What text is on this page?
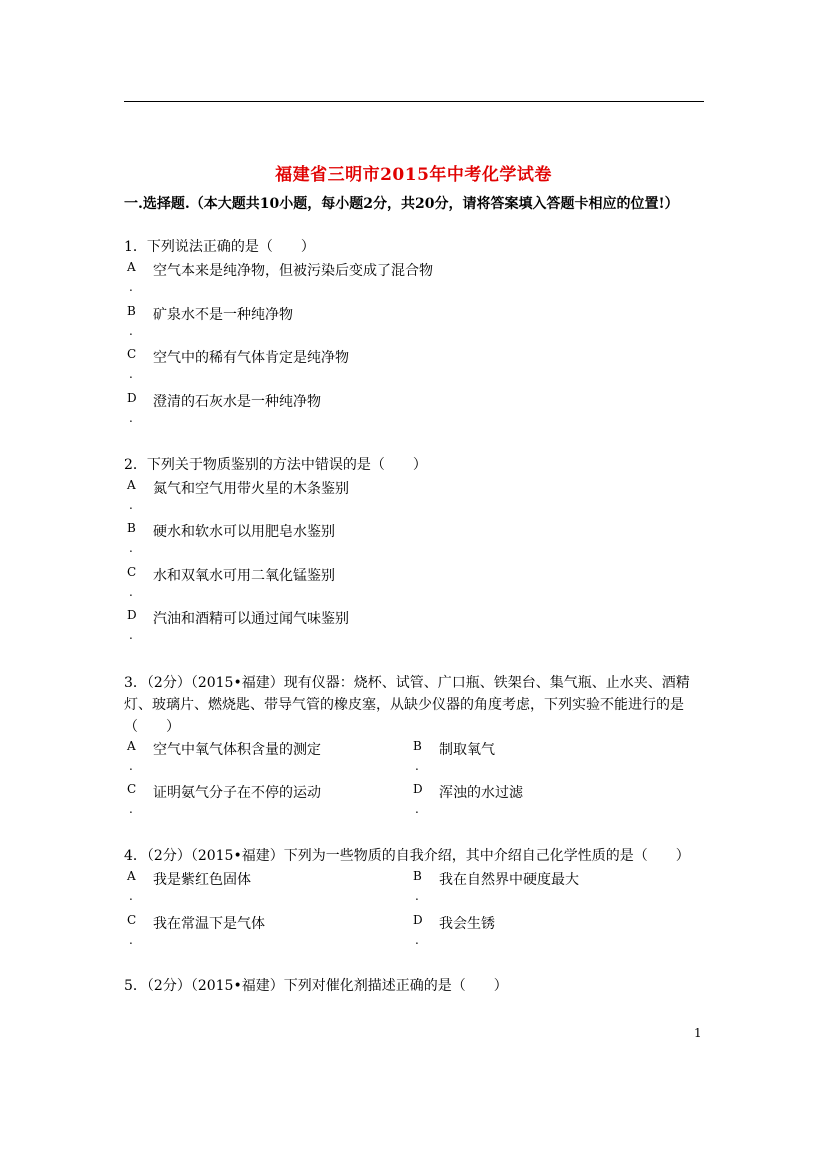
福建省三明市2015年中考化学试卷
一.选择题.（本大题共10小题，每小题2分，共20分，请将答案填入答题卡相应的位置!）
1．下列说法正确的是（　　）
A
.
空气本来是纯净物，但被污染后变成了混合物
B
.
矿泉水不是一种纯净物
C
.
空气中的稀有气体肯定是纯净物
D
.
澄清的石灰水是一种纯净物
2．下列关于物质鉴别的方法中错误的是（　　）
A
.
氮气和空气用带火星的木条鉴别
B
.
硬水和软水可以用肥皂水鉴别
C
.
水和双氧水可用二氧化锰鉴别
D
.
汽油和酒精可以通过闻气味鉴别
3．（2分）（2015•福建）现有仪器：烧杯、试管、广口瓶、铁架台、集气瓶、止水夹、酒精灯、玻璃片、燃烧匙、带导气管的橡皮塞，从缺少仪器的角度考虑，下列实验不能进行的是（　　）
A
.
空气中氧气体积含量的测定	B
.
制取氧气
C
.
证明氨气分子在不停的运动	D
.
浑浊的水过滤
4．（2分）（2015•福建）下列为一些物质的自我介绍，其中介绍自己化学性质的是（　　）
A
.
我是紫红色固体	B
.
我在自然界中硬度最大
C
.
我在常温下是气体	D
.
我会生锈
5．（2分）（2015•福建）下列对催化剂描述正确的是（　　）
1
